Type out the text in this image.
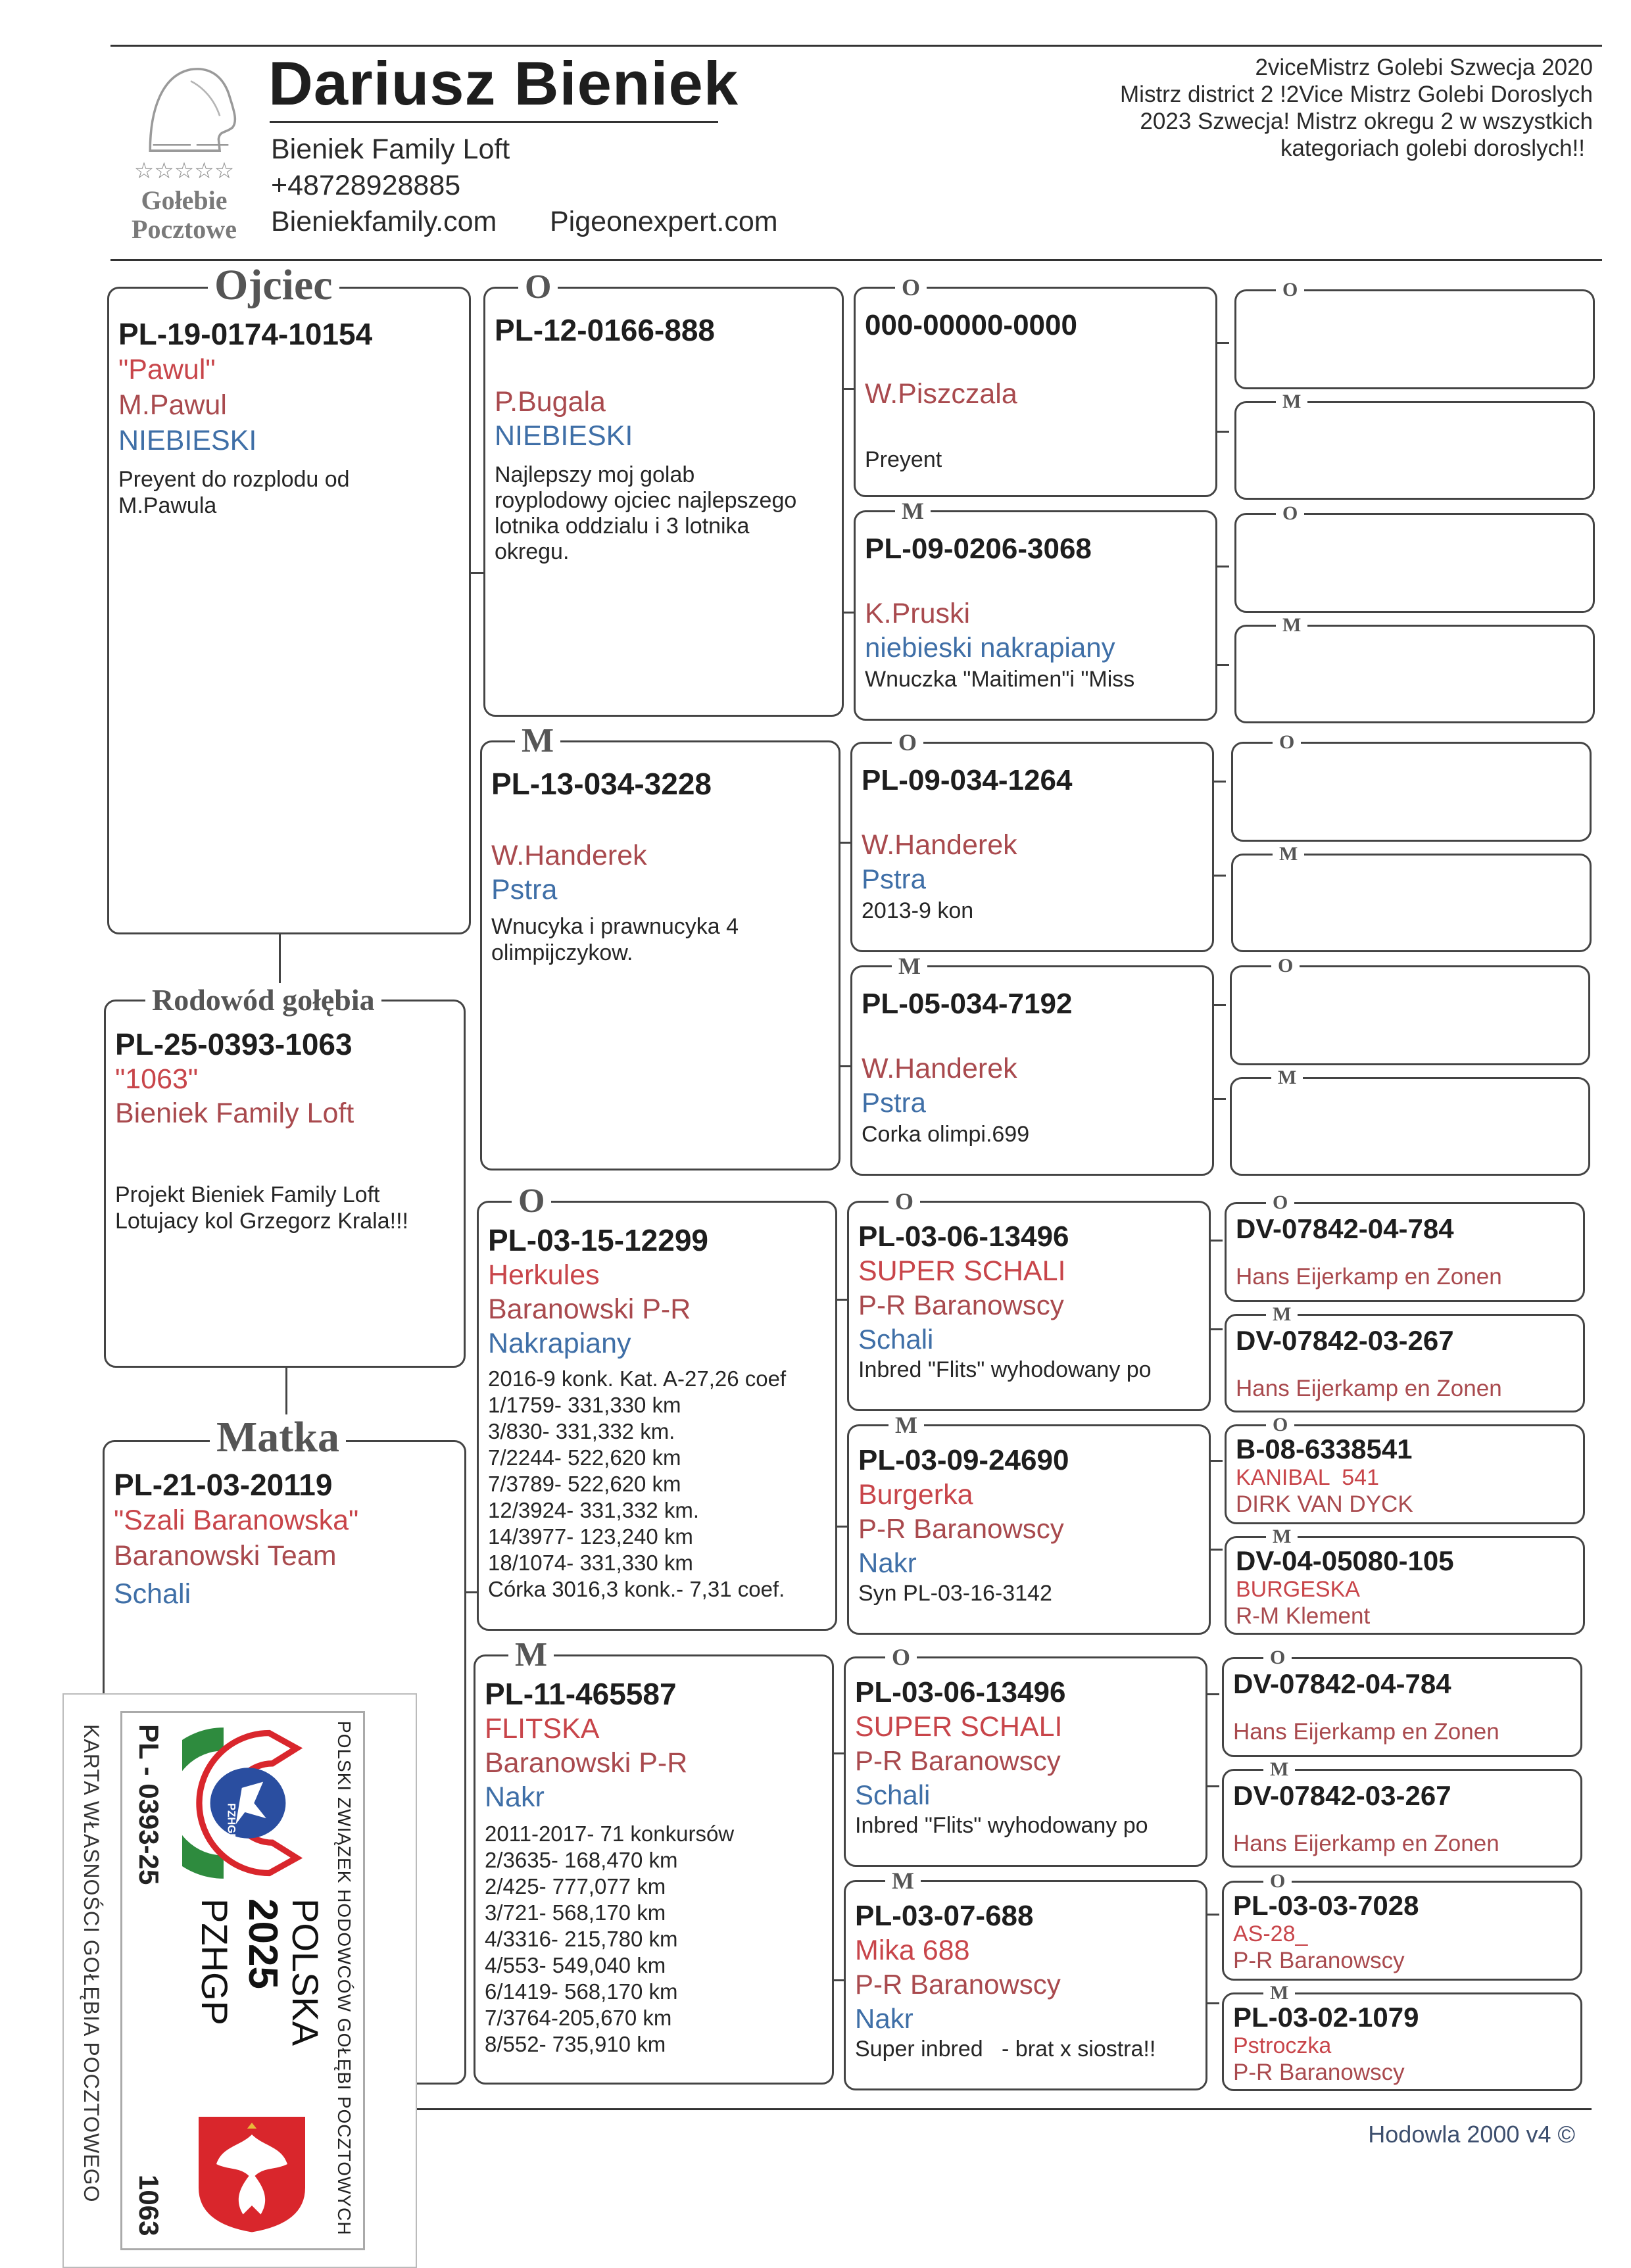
☆☆☆☆☆
Gołebie
Pocztowe
Dariusz Bieniek
Bieniek Family Loft
+48728928885
Bieniekfamily.com Pigeonexpert.com
2viceMistrz Golebi Szwecja 2020
Mistrz district 2 !2Vice Mistrz Golebi Doroslych
2023 Szwecja! Mistrz okregu 2 w wszystkich
kategoriach golebi doroslych!!
Ojciec
PL-19-0174-10154
"Pawul"
M.Pawul
NIEBIESKI
Preyent do rozplodu od
M.Pawula
Rodowód gołębia
PL-25-0393-1063
"1063"
Bieniek Family Loft
Projekt Bieniek Family Loft
Lotujacy kol Grzegorz Krala!!!
Matka
PL-21-03-20119
"Szali Baranowska"
Baranowski Team
Schali
O
PL-12-0166-888
P.Bugala
NIEBIESKI
Najlepszy moj golab
royplodowy ojciec najlepszego
lotnika oddzialu i 3 lotnika
okregu.
M
PL-13-034-3228
W.Handerek
Pstra
Wnucyka i prawnucyka 4
olimpijczykow.
O
PL-03-15-12299
Herkules
Baranowski P-R
Nakrapiany
2016-9 konk. Kat. A-27,26 coef
1/1759- 331,330 km
3/830- 331,332 km.
7/2244- 522,620 km
7/3789- 522,620 km
12/3924- 331,332 km.
14/3977- 123,240 km
18/1074- 331,330 km
Córka 3016,3 konk.- 7,31 coef.
M
PL-11-465587
FLITSKA
Baranowski P-R
Nakr
2011-2017- 71 konkursów
2/3635- 168,470 km
2/425- 777,077 km
3/721- 568,170 km
4/3316- 215,780 km
4/553- 549,040 km
6/1419- 568,170 km
7/3764-205,670 km
8/552- 735,910 km
O
000-00000-0000
W.Piszczala
Preyent
M
PL-09-0206-3068
K.Pruski
niebieski nakrapiany
Wnuczka "Maitimen"i "Miss
O
PL-09-034-1264
W.Handerek
Pstra
2013-9 kon
M
PL-05-034-7192
W.Handerek
Pstra
Corka olimpi.699
O
PL-03-06-13496
SUPER SCHALI
P-R Baranowscy
Schali
Inbred "Flits" wyhodowany po
M
PL-03-09-24690
Burgerka
P-R Baranowscy
Nakr
Syn PL-03-16-3142
O
PL-03-06-13496
SUPER SCHALI
P-R Baranowscy
Schali
Inbred "Flits" wyhodowany po
M
PL-03-07-688
Mika 688
P-R Baranowscy
Nakr
Super inbred   - brat x siostra!!
O
M
O
M
O
M
O
M
O
DV-07842-04-784
Hans Eijerkamp en Zonen
M
DV-07842-03-267
Hans Eijerkamp en Zonen
O
B-08-6338541
KANIBAL  541
DIRK VAN DYCK
M
DV-04-05080-105
BURGESKA
R-M Klement
O
DV-07842-04-784
Hans Eijerkamp en Zonen
M
DV-07842-03-267
Hans Eijerkamp en Zonen
O
PL-03-03-7028
AS-28_
P-R Baranowscy
M
PL-03-02-1079
Pstroczka
P-R Baranowscy
Hodowla 2000 v4 ©
POLSKI ZWIĄZEK HODOWCÓW GOŁĘBI POCZTOWYCH
PZHGP
POLSKA
2025
PZHGP
PL - 0393-25
1063
KARTA WŁASNOŚCI GOŁĘBIA POCZTOWEGO
